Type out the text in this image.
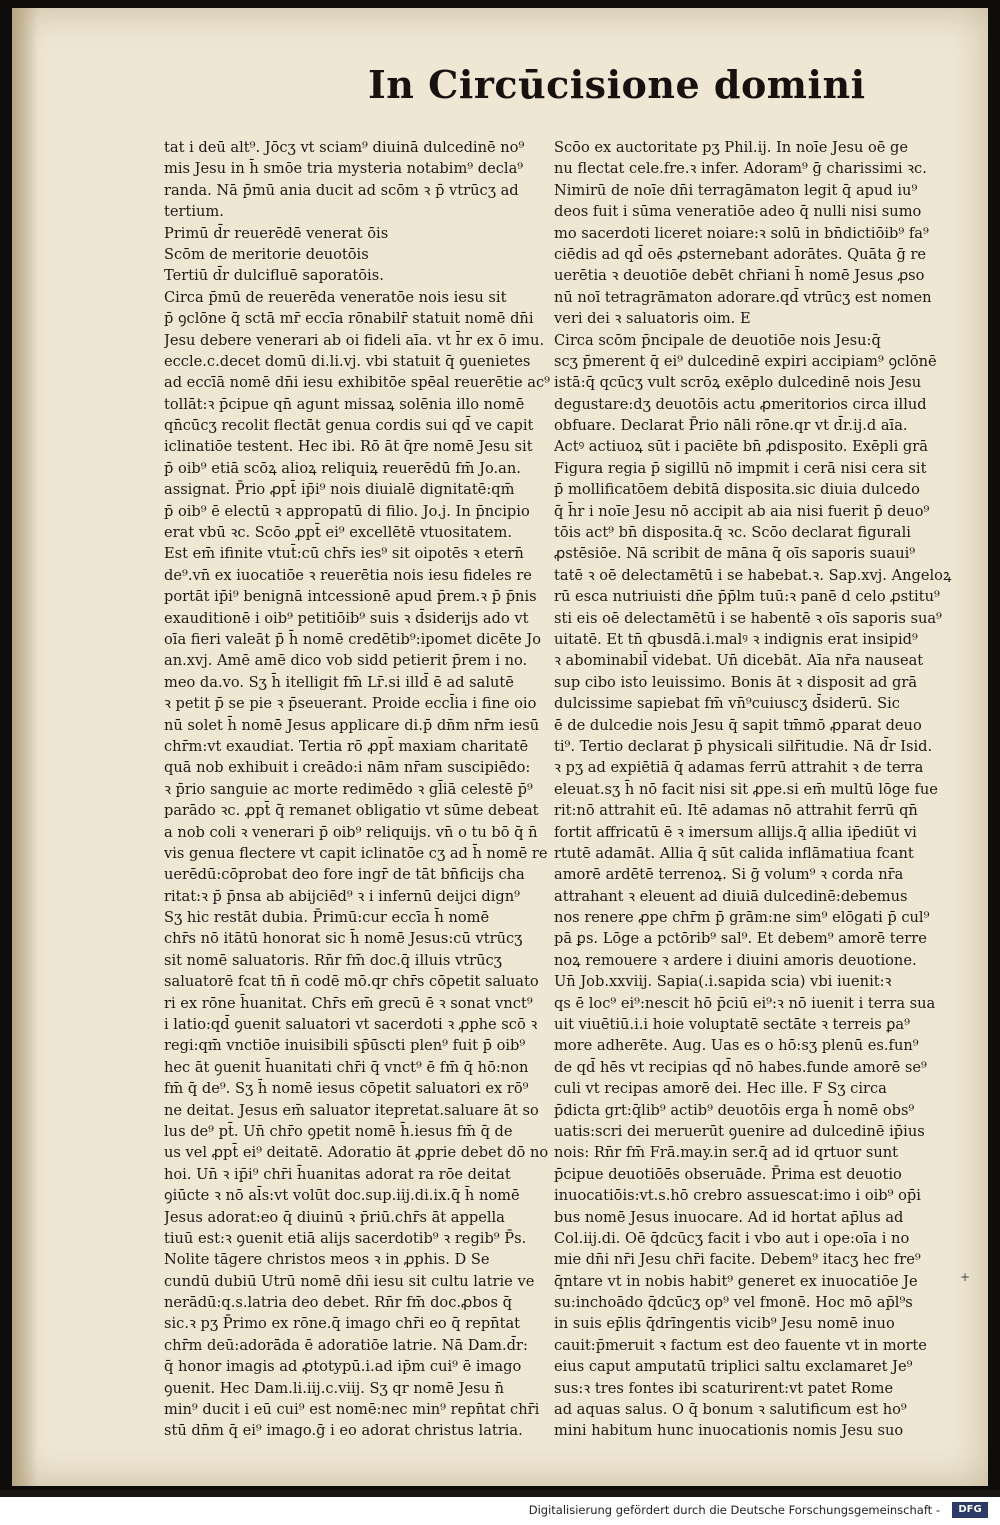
In Circūcisione domini
tat i deū alt⁹. Jōcʒ vt sciam⁹ diuinā dulcedinē no⁹
mis Jesu in h̄ smōe tria mysteria notabim⁹ decla⁹
randa. Nā p̄mū ania ducit ad scōm ꝛ p̄ vtrūcʒ ad
tertium.
Primū d̄r reuerēdē venerat ōis
Scōm de meritorie deuotōis
Tertiū d̄r dulcifluē saporatōis.
Circa p̄mū de reuerēda veneratōe nois iesu sit
p̄ ꝯclōne q̄ sctā mr̄ eccīa rōnabilr̄ statuit nomē dn̄i
Jesu debere venerari ab oi fideli aīa. vt h̄r ex ō imu.
eccle.c.decet domū di.li.vj. vbi statuit q̄ ꝯuenietes
ad eccīā nomē dn̄i iesu exhibitōe spēal reuerētie ac⁹
tollāt:ꝛ p̄cipue qn̄ agunt missaꝝ solēnia illo nomē
qn̄cūcʒ recolit flectāt genua cordis sui qd̄ ve capit
iclinatiōe testent. Hec ibi. Rō āt q̄re nomē Jesu sit
p̄ oib⁹ etiā scōꝝ alioꝝ reliquiꝝ reuerēdū fm̄ Jo.an.
assignat. P̄rio ꝓpt̄ ip̄i⁹ nois diuialē dignitatē:qm̄
p̄ oib⁹ ē electū ꝛ appropatū di filio. Jo.j. In p̄ncipio
erat vbū ꝛc. Scōo ꝓpt̄ ei⁹ excellētē vtuositatem.
Est em̄ ifinite vtut̄:cū chr̄s ies⁹ sit oipotēs ꝛ etern̄
de⁹.vn̄ ex iuocatiōe ꝛ reuerētia nois iesu fideles re
portāt ip̄i⁹ benignā intcessionē apud p̄rem.ꝛ p̄ p̄nis
exauditionē i oib⁹ petitiōib⁹ suis ꝛ d̄siderijs ado vt
oīa fieri valeāt p̄ h̄ nomē credētib⁹:ipomet dicēte Jo
an.xvj. Amē amē dico vob sidd petierit p̄rem i no.
meo da.vo. Sʒ h̄ itelligit fm̄ Lr̄.si illd̄ ē ad salutē
ꝛ petit p̄ se pie ꝛ p̄seuerant. Proide eccl̄ia i fine oio
nū solet h̄ nomē Jesus applicare di.p̄ dn̄m nr̄m iesū
chr̄m:vt exaudiat. Tertia rō ꝓpt̄ maxiam charitatē
quā nob exhibuit i creādo:i nām nr̄am suscipiēdo:
ꝛ p̄rio sanguie ac morte redimēdo ꝛ gl̄iā celestē p̄⁹
parādo ꝛc. ꝓpt̄ q̄ remanet obligatio vt sūme debeat
a nob coli ꝛ venerari p̄ oib⁹ reliquijs. vn̄ o tu bō q̄ n̄
vis genua flectere vt capit iclinatōe cʒ ad h̄ nomē re
uerēdū:cōprobat deo fore ingr̄ de tāt bn̄ficijs cha
ritat:ꝛ p̄ p̄nsa ab abijciēd⁹ ꝛ i infernū deijci dign⁹
Sʒ hic restāt dubia. P̄rimū:cur eccīa h̄ nomē
chr̄s nō itātū honorat sic h̄ nomē Jesus:cū vtrūcʒ
sit nomē saluatoris. Rn̄r fm̄ doc.q̄ illuis vtrūcʒ
saluatorē fcat tn̄ n̄ codē mō.qr chr̄s cōpetit saluato
ri ex rōne h̄uanitat. Chr̄s em̄ grecū ē ꝛ sonat vnct⁹
i latio:qd̄ ꝯuenit saluatori vt sacerdoti ꝛ ꝓphe scō ꝛ
regi:qm̄ vnctiōe inuisibili sp̄ūscti plen⁹ fuit p̄ oib⁹
hec āt ꝯuenit h̄uanitati chr̄i q̄ vnct⁹ ē fm̄ q̄ hō:non
fm̄ q̄ de⁹. Sʒ h̄ nomē iesus cōpetit saluatori ex rō⁹
ne deitat. Jesus em̄ saluator itepretat.saluare āt so
lus de⁹ pt̄. Un̄ chr̄o ꝯpetit nomē h̄.iesus fm̄ q̄ de
us vel ꝓpt̄ ei⁹ deitatē. Adoratio āt ꝓprie debet dō no
hoi. Un̄ ꝛ ip̄i⁹ chr̄i h̄uanitas adorat ra rōe deitat
ꝯiūcte ꝛ nō al̄s:vt volūt doc.sup.iij.di.ix.q̄ h̄ nomē
Jesus adorat:eo q̄ diuinū ꝛ p̄riū.chr̄s āt appella
tiuū est:ꝛ ꝯuenit etiā alijs sacerdotib⁹ ꝛ regib⁹ P̄s.
Nolite tāgere christos meos ꝛ in ꝓphis. D Se
cundū dubiū Utrū nomē dn̄i iesu sit cultu latrie ve
nerādū:q.s.latria deo debet. Rn̄r fm̄ doc.ꝓbos q̄
sic.ꝛ pʒ P̄rimo ex rōne.q̄ imago chr̄i eo q̄ repn̄tat
chr̄m deū:adorāda ē adoratiōe latrie. Nā Dam.d̄r:
q̄ honor imagis ad ꝓtotypū.i.ad ip̄m cui⁹ ē imago
ꝯuenit. Hec Dam.li.iij.c.viij. Sʒ qr nomē Jesu n̄
min⁹ ducit i eū cui⁹ est nomē:nec min⁹ repn̄tat chr̄i
stū dn̄m q̄ ei⁹ imago.ḡ i eo adorat christus latria.
Scōo ex auctoritate pʒ Phil.ij. In noīe Jesu oē ge
nu flectat cele.fre.ꝛ infer. Adoram⁹ ḡ charissimi ꝛc.
Nimirū de noīe dn̄i terragāmaton legit q̄ apud iu⁹
deos fuit i sūma veneratiōe adeo q̄ nulli nisi sumo
mo sacerdoti liceret noiare:ꝛ solū in bn̄dictiōib⁹ fa⁹
ciēdis ad qd̄ oēs ꝓsternebant adorātes. Quāta ḡ re
uerētia ꝛ deuotiōe debēt chr̄iani h̄ nomē Jesus ꝓso
nū noī tetragrāmaton adorare.qd̄ vtrūcʒ est nomen
veri dei ꝛ saluatoris oim. E
Circa scōm p̄ncipale de deuotiōe nois Jesu:q̄
scʒ p̄merent q̄ ei⁹ dulcedinē expiri accipiam⁹ ꝯclōnē
istā:q̄ qcūcʒ vult scrōꝝ exēplo dulcedinē nois Jesu
degustare:dʒ deuotōis actu ꝓmeritorios circa illud
obfuare. Declarat P̄rio nāli rōne.qr vt d̄r.ij.d aīa.
Actꝰ actiuoꝝ sūt i paciēte bn̄ ꝓdisposito. Exēpli grā
Figura regia p̄ sigillū nō impmit i cerā nisi cera sit
p̄ mollificatōem debitā disposita.sic diuia dulcedo
q̄ h̄r i noīe Jesu nō accipit ab aia nisi fuerit p̄ deuo⁹
tōis act⁹ bn̄ disposita.q̄ ꝛc. Scōo declarat figurali
ꝓstēsiōe. Nā scribit de māna q̄ oīs saporis suaui⁹
tatē ꝛ oē delectamētū i se habebat.ꝛ. Sap.xvj. Angeloꝝ
rū esca nutriuisti dn̄e p̄p̄lm tuū:ꝛ panē d celo ꝓstitu⁹
sti eis oē delectamētū i se habentē ꝛ oīs saporis sua⁹
uitatē. Et tn̄ qbusdā.i.malꝰ ꝛ indignis erat insipid⁹
ꝛ abominabil̄ videbat. Un̄ dicebāt. Aīa nr̄a nauseat
sup cibo isto leuissimo. Bonis āt ꝛ disposit ad grā
dulcissime sapiebat fm̄ vn̄⁹cuiuscʒ d̄siderū. Sic
ē de dulcedie nois Jesu q̄ sapit tm̄mō ꝓparat deuo
ti⁹. Tertio declarat p̄ physicali silr̄itudie. Nā d̄r Isid.
ꝛ pʒ ad expiētiā q̄ adamas ferrū attrahit ꝛ de terra
eleuat.sʒ h̄ nō facit nisi sit ꝓpe.si em̄ multū lōge fue
rit:nō attrahit eū. Itē adamas nō attrahit ferrū qn̄
fortit affricatū ē ꝛ imersum allijs.q̄ allia ip̄ediūt vi
rtutē adamāt. Allia q̄ sūt calida inflāmatiua fcant
amorē ardētē terrenoꝝ. Si ḡ volum⁹ ꝛ corda nr̄a
attrahant ꝛ eleuent ad diuiā dulcedinē:debemus
nos renere ꝓpe chr̄m p̄ grām:ne sim⁹ elōgati p̄ cul⁹
pā ꝑs. Lōge a pctōrib⁹ sal⁹. Et debem⁹ amorē terre
noꝝ remouere ꝛ ardere i diuini amoris deuotione.
Un̄ Job.xxviij. Sapia(.i.sapida scia) vbi iuenit:ꝛ
qs ē loc⁹ ei⁹:nescit hō p̄ciū ei⁹:ꝛ nō iuenit i terra sua
uit viuētiū.i.i hoie voluptatē sectāte ꝛ terreis ꝑa⁹
more adherēte. Aug. Uas es o hō:sʒ plenū es.fun⁹
de qd̄ hēs vt recipias qd̄ nō habes.funde amorē se⁹
culi vt recipas amorē dei. Hec ille. F Sʒ circa
p̄dicta grt:q̄lib⁹ actib⁹ deuotōis erga h̄ nomē obs⁹
uatis:scri dei meruerūt ꝯuenire ad dulcedinē ip̄ius
nois: Rn̄r fm̄ Frā.may.in ser.q̄ ad id qrtuor sunt
p̄cipue deuotiōēs obseruāde. P̄rima est deuotio
inuocatiōis:vt.s.hō crebro assuescat:imo i oib⁹ op̄i
bus nomē Jesus inuocare. Ad id hortat ap̄lus ad
Col.iij.di. Oē q̄dcūcʒ facit i vbo aut i ope:oīa i no
mie dn̄i nr̄i Jesu chr̄i facite. Debem⁹ itacʒ hec fre⁹
q̄ntare vt in nobis habit⁹ generet ex inuocatiōe Je
su:inchoādo q̄dcūcʒ op⁹ vel fmonē. Hoc mō ap̄l⁹s
in suis ep̄lis q̄drīngentis vicib⁹ Jesu nomē inuo
cauit:p̄meruit ꝛ factum est deo fauente vt in morte
eius caput amputatū triplici saltu exclamaret Je⁹
sus:ꝛ tres fontes ibi scaturirent:vt patet Rome
ad aquas salus. O q̄ bonum ꝛ salutificum est ho⁹
mini habitum hunc inuocationis nomis Jesu suo
+
Digitalisierung gefördert durch die Deutsche Forschungsgemeinschaft -	DFG
